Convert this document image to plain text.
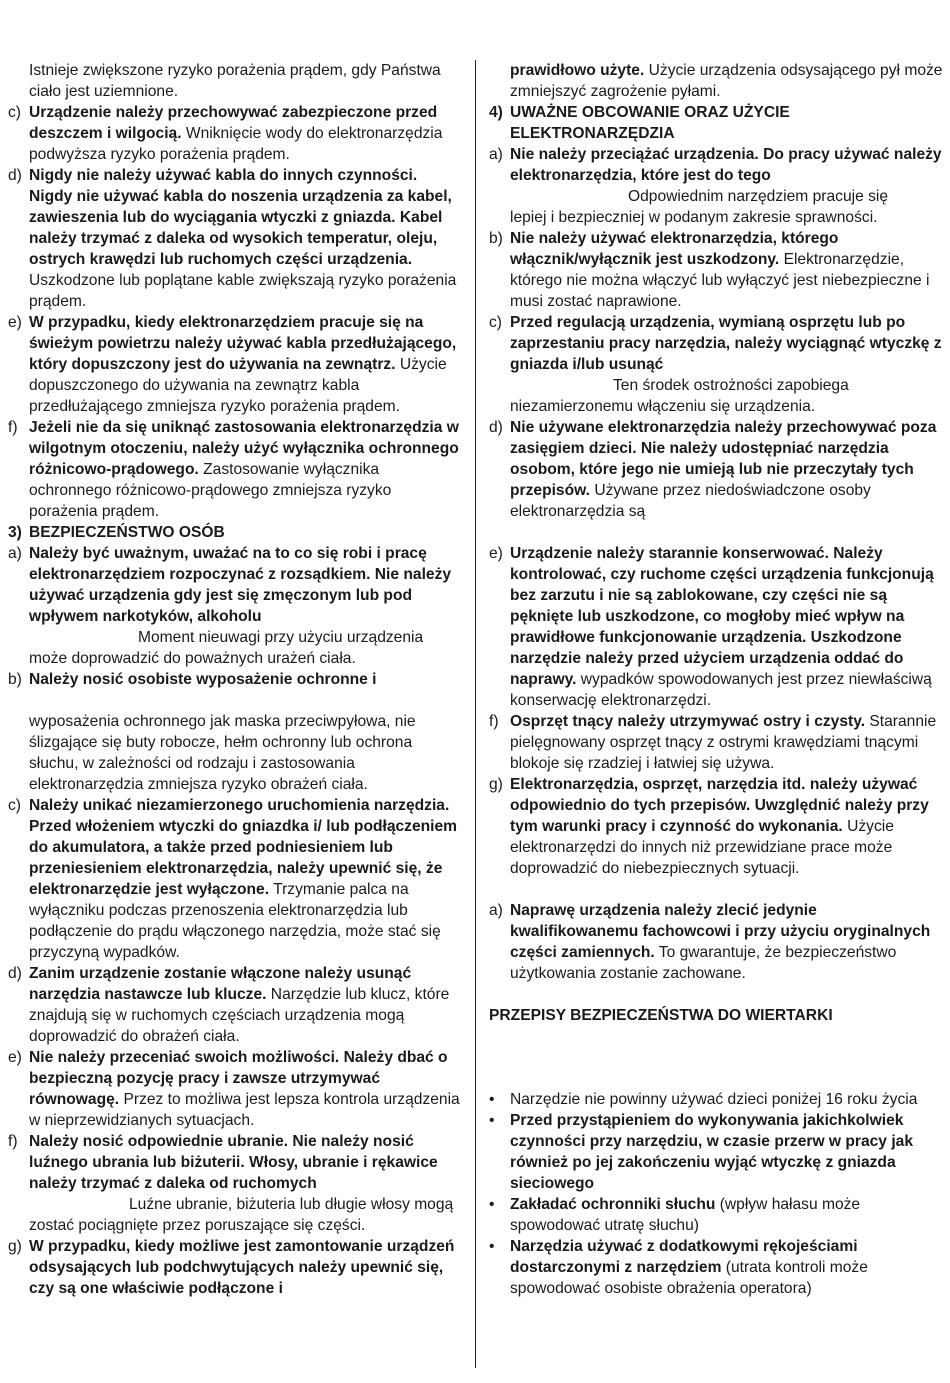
Istnieje zwiększone ryzyko porażenia prądem, gdy Państwa ciało jest uziemnione.
c) Urządzenie należy przechowywać zabezpieczone przed deszczem i wilgocią. Wniknięcie wody do elektronarzędzia podwyższa ryzyko porażenia prądem.
d) Nigdy nie należy używać kabla do innych czynności. Nigdy nie używać kabla do noszenia urządzenia za kabel, zawieszenia lub do wyciągania wtyczki z gniazda. Kabel należy trzymać z daleka od wysokich temperatur, oleju, ostrych krawędzi lub ruchomych części urządzenia. Uszkodzone lub poplątane kable zwiększają ryzyko porażenia prądem.
e) W przypadku, kiedy elektronarzędziem pracuje się na świeżym powietrzu należy używać kabla przedłużającego, który dopuszczony jest do używania na zewnątrz. Użycie dopuszczonego do używania na zewnątrz kabla przedłużającego zmniejsza ryzyko porażenia prądem.
f) Jeżeli nie da się uniknąć zastosowania elektronarzędzia w wilgotnym otoczeniu, należy użyć wyłącznika ochronnego różnicowo-prądowego. Zastosowanie wyłącznika ochronnego różnicowo-prądowego zmniejsza ryzyko porażenia prądem.
3) BEZPIECZEŃSTWO OSÓB
a) Należy być uważnym, uważać na to co się robi i pracę elektronarzędziem rozpoczynać z rozsądkiem. Nie należy używać urządzenia gdy jest się zmęczonym lub pod wpływem narkotyków, alkoholu
Moment nieuwagi przy użyciu urządzenia może doprowadzić do poważnych urażeń ciała.
b) Należy nosić osobiste wyposażenie ochronne i
wyposażenia ochronnego jak maska przeciwpyłowa, nie ślizgające się buty robocze, hełm ochronny lub ochrona słuchu, w zależności od rodzaju i zastosowania elektronarzędzia zmniejsza ryzyko obrażeń ciała.
c) Należy unikać niezamierzonego uruchomienia narzędzia. Przed włożeniem wtyczki do gniazdka i/ lub podłączeniem do akumulatora, a także przed podniesieniem lub przeniesieniem elektronarzędzia, należy upewnić się, że elektronarzędzie jest wyłączone. Trzymanie palca na wyłączniku podczas przenoszenia elektronarzędzia lub podłączenie do prądu włączonego narzędzia, może stać się przyczyną wypadków.
d) Zanim urządzenie zostanie włączone należy usunąć narzędzia nastawcze lub klucze. Narzędzie lub klucz, które znajdują się w ruchomych częściach urządzenia mogą doprowadzić do obrażeń ciała.
e) Nie należy przeceniać swoich możliwości. Należy dbać o bezpieczną pozycję pracy i zawsze utrzymywać równowagę. Przez to możliwa jest lepsza kontrola urządzenia w nieprzewidzianych sytuacjach.
f) Należy nosić odpowiednie ubranie. Nie należy nosić luźnego ubrania lub biżuterii. Włosy, ubranie i rękawice należy trzymać z daleka od ruchomych
Luźne ubranie, biżuteria lub długie włosy mogą zostać pociągnięte przez poruszające się części.
g) W przypadku, kiedy możliwe jest zamontowanie urządzeń odsysających lub podchwytujących należy upewnić się, czy są one właściwie podłączone i
prawidłowo użyte. Użycie urządzenia odsysającego pył może zmniejszyć zagrożenie pyłami.
4) UWAŻNE OBCOWANIE ORAZ UŻYCIE ELEKTRONARZĘDZIA
a) Nie należy przeciążać urządzenia. Do pracy używać należy elektronarzędzia, które jest do tego
Odpowiednim narzędziem pracuje się
lepiej i bezpieczniej w podanym zakresie sprawności.
b) Nie należy używać elektronarzędzia, którego włącznik/wyłącznik jest uszkodzony. Elektronarzędzie, którego nie można włączyć lub wyłączyć jest niebezpieczne i musi zostać naprawione.
c) Przed regulacją urządzenia, wymianą osprzętu lub po zaprzestaniu pracy narzędzia, należy wyciągnąć wtyczkę z gniazda i/lub usunąć
Ten środek ostrożności zapobiega
niezamierzonemu włączeniu się urządzenia.
d) Nie używane elektronarzędzia należy przechowywać poza zasięgiem dzieci. Nie należy udostępniać narzędzia osobom, które jego nie umieją lub nie przeczytały tych przepisów. Używane przez niedoświadczone osoby elektronarzędzia są
e) Urządzenie należy starannie konserwować. Należy kontrolować, czy ruchome części urządzenia funkcjonują bez zarzutu i nie są zablokowane, czy części nie są pęknięte lub uszkodzone, co mogłoby mieć wpływ na prawidłowe funkcjonowanie urządzenia. Uszkodzone narzędzie należy przed użyciem urządzenia oddać do naprawy. wypadków spowodowanych jest przez niewłaściwą konserwację elektronarzędzi.
f) Osprzęt tnący należy utrzymywać ostry i czysty. Starannie pielęgnowany osprzęt tnący z ostrymi krawędziami tnącymi blokoje się rzadziej i łatwiej się używa.
g) Elektronarzędzia, osprzęt, narzędzia itd. należy używać odpowiednio do tych przepisów. Uwzględnić należy przy tym warunki pracy i czynność do wykonania. Użycie elektronarzędzi do innych niż przewidziane prace może doprowadzić do niebezpiecznych sytuacji.
a) Naprawę urządzenia należy zlecić jedynie kwalifikowanemu fachowcowi i przy użyciu oryginalnych części zamiennych. To gwarantuje, że bezpieczeństwo użytkowania zostanie zachowane.
PRZEPISY BEZPIECZEŃSTWA DO WIERTARKI
• Narzędzie nie powinny używać dzieci poniżej 16 roku życia
• Przed przystąpieniem do wykonywania jakichkolwiek czynności przy narzędziu, w czasie przerw w pracy jak również po jej zakończeniu wyjąć wtyczkę z gniazda sieciowego
• Zakładać ochronniki słuchu (wpływ hałasu może spowodować utratę słuchu)
• Narzędzia używać z dodatkowymi rękojeściami dostarczonymi z narzędziem (utrata kontroli może spowodować osobiste obrażenia operatora)
